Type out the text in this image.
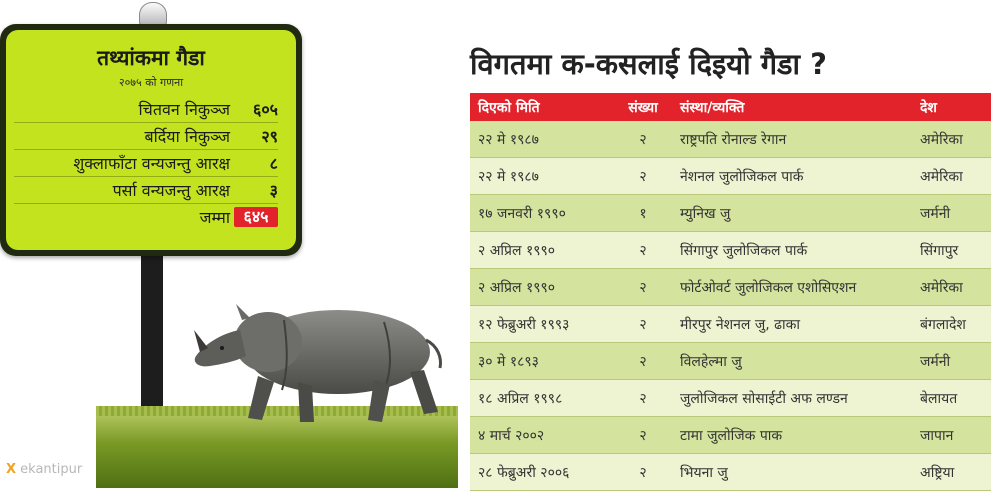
तथ्यांकमा गैडा
२०७५ को गणना
चितवन निकुञ्ज	६०५
बर्दिया निकुञ्ज	२९
शुक्लाफाँटा वन्यजन्तु आरक्ष	८
पर्सा वन्यजन्तु आरक्ष	३
जम्मा ६४५
X ekantipur
विगतमा क-कसलाई दिइयो गैडा ?
दिएको मिति	संख्या	संस्था/व्यक्ति	देश
२२ मे १९८७	२	राष्ट्रपति रोनाल्ड रेगान	अमेरिका
२२ मे १९८७	२	नेशनल जुलोजिकल पार्क	अमेरिका
१७ जनवरी १९९०	१	म्युनिख जु	जर्मनी
२ अप्रिल १९९०	२	सिंगापुर जुलोजिकल पार्क	सिंगापुर
२ अप्रिल १९९०	२	फोर्टओवर्ट जुलोजिकल एशोसिएशन	अमेरिका
१२ फेब्रुअरी १९९३	२	मीरपुर नेशनल जु, ढाका	बंगलादेश
३० मे १८९३	२	विलहेल्मा जु	जर्मनी
१८ अप्रिल १९९८	२	जुलोजिकल सोसाईटी अफ लण्डन	बेलायत
४ मार्च २००२	२	टामा जुलोजिक पाक	जापान
२८ फेब्रुअरी २००६	२	भियना जु	अष्ट्रिया
